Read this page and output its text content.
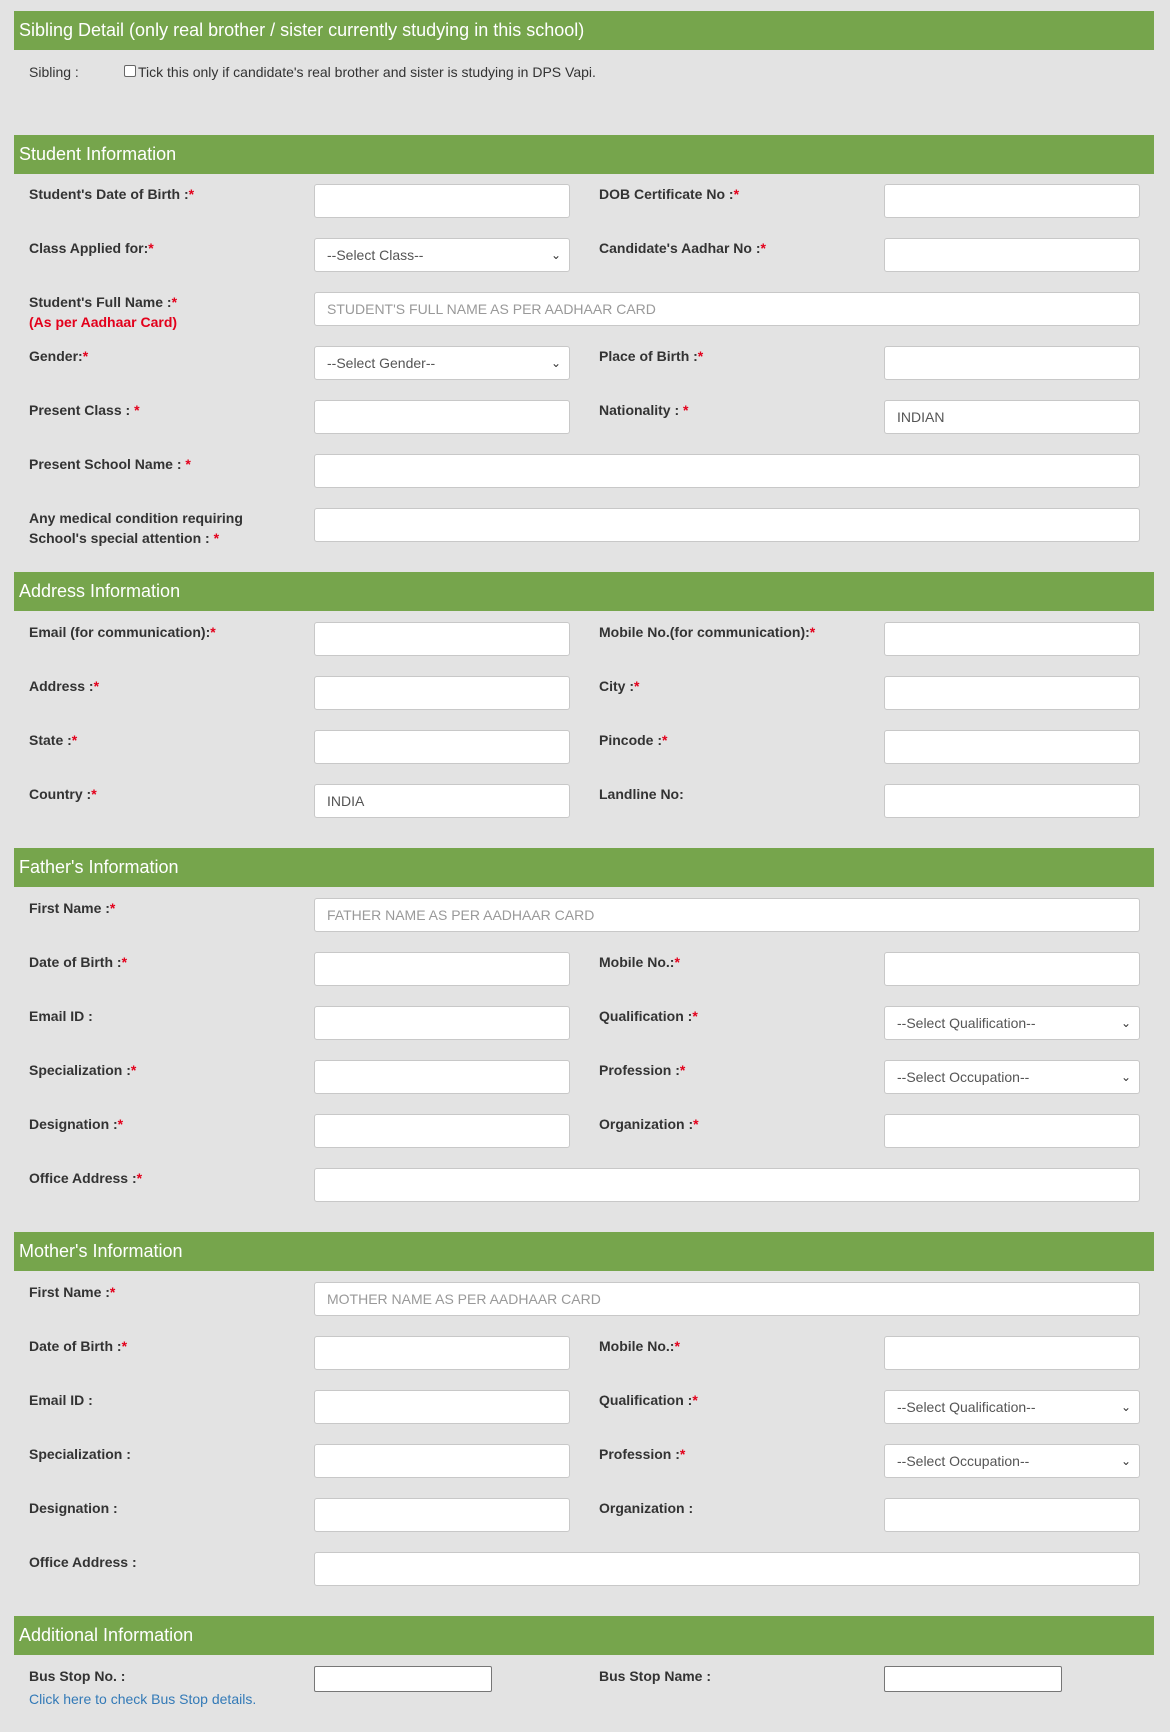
Sibling Detail (only real brother / sister currently studying in this school)
Sibling :	Tick this only if candidate's real brother and sister is studying in DPS Vapi.
Student Information
Student's Date of Birth :*	DOB Certificate No :*
Class Applied for:*	--Select Class--	⌄	Candidate's Aadhar No :*
Student's Full Name :*
(As per Aadhaar Card)
STUDENT'S FULL NAME AS PER AADHAAR CARD
Gender:*	--Select Gender--	⌄	Place of Birth :*
Present Class : *	Nationality : *	INDIAN
Present School Name : *
Any medical condition requiring
School's special attention : *
Address Information
Email (for communication):*	Mobile No.(for communication):*
Address :*	City :*
State :*	Pincode :*
Country :*	INDIA	Landline No:
Father's Information
First Name :*	FATHER NAME AS PER AADHAAR CARD
Date of Birth :*	Mobile No.:*
Email ID :	Qualification :*	--Select Qualification--	⌄
Specialization :*	Profession :*	--Select Occupation--	⌄
Designation :*	Organization :*
Office Address :*
Mother's Information
First Name :*	MOTHER NAME AS PER AADHAAR CARD
Date of Birth :*	Mobile No.:*
Email ID :	Qualification :*	--Select Qualification--	⌄
Specialization :	Profession :*	--Select Occupation--	⌄
Designation :	Organization :
Office Address :
Additional Information
Bus Stop No. :	Bus Stop Name :
Click here to check Bus Stop details.
